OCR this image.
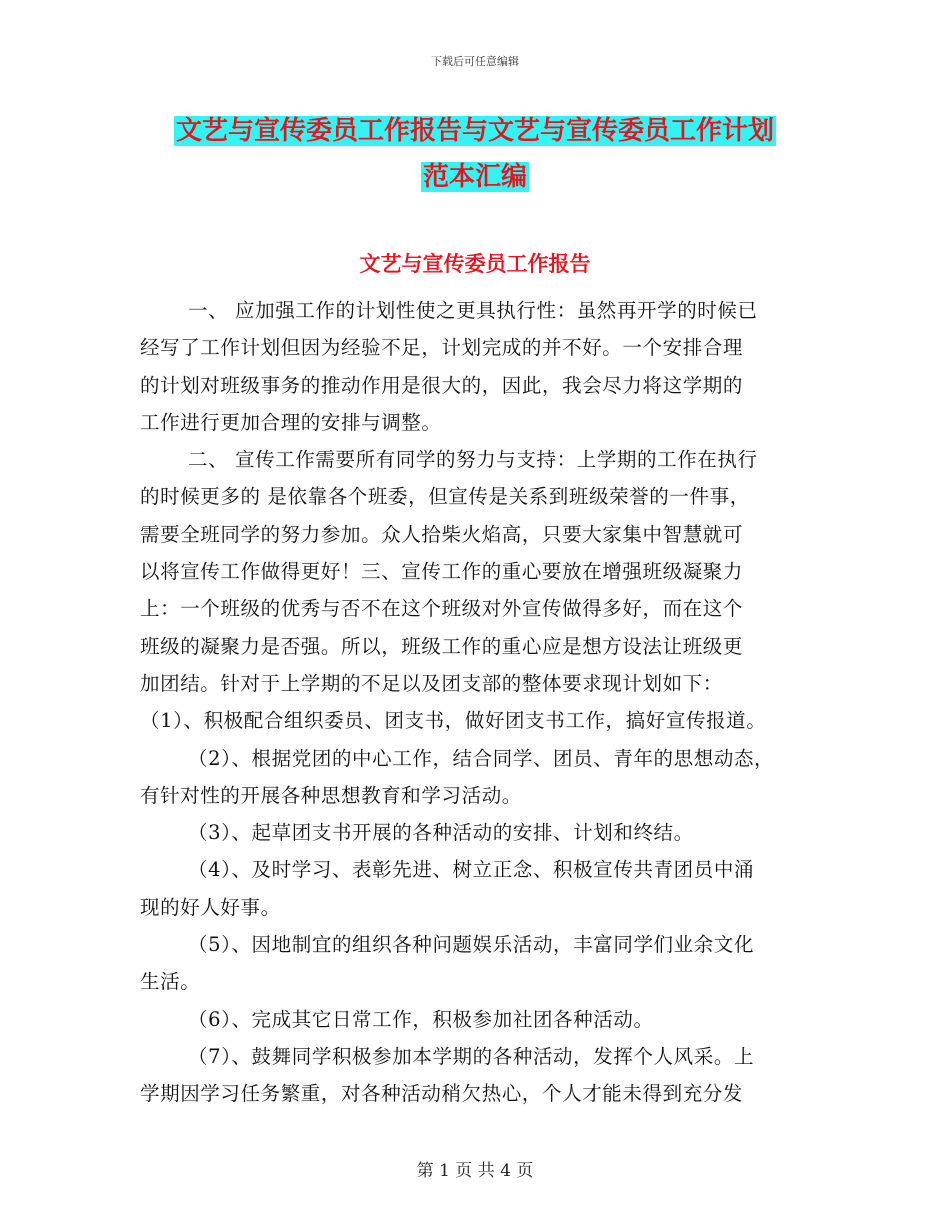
下载后可任意编辑
文艺与宣传委员工作报告与文艺与宣传委员工作计划
范本汇编
文艺与宣传委员工作报告
一、 应加强工作的计划性使之更具执行性：虽然再开学的时候已
经写了工作计划但因为经验不足，计划完成的并不好。一个安排合理
的计划对班级事务的推动作用是很大的，因此，我会尽力将这学期的
工作进行更加合理的安排与调整。
二、 宣传工作需要所有同学的努力与支持：上学期的工作在执行
的时候更多的 是依靠各个班委，但宣传是关系到班级荣誉的一件事，
需要全班同学的努力参加。众人拾柴火焰高，只要大家集中智慧就可
以将宣传工作做得更好！三、宣传工作的重心要放在增强班级凝聚力
上：一个班级的优秀与否不在这个班级对外宣传做得多好，而在这个
班级的凝聚力是否强。所以，班级工作的重心应是想方设法让班级更
加团结。针对于上学期的不足以及团支部的整体要求现计划如下：
（1）、积极配合组织委员、团支书，做好团支书工作，搞好宣传报道。
（2）、根据党团的中心工作，结合同学、团员、青年的思想动态，
有针对性的开展各种思想教育和学习活动。
（3）、起草团支书开展的各种活动的安排、计划和终结。
（4）、及时学习、表彰先进、树立正念、积极宣传共青团员中涌
现的好人好事。
（5）、因地制宜的组织各种问题娱乐活动，丰富同学们业余文化
生活。
（6）、完成其它日常工作，积极参加社团各种活动。
（7）、鼓舞同学积极参加本学期的各种活动，发挥个人风采。上
学期因学习任务繁重，对各种活动稍欠热心，个人才能未得到充分发
第 1 页 共 4 页
